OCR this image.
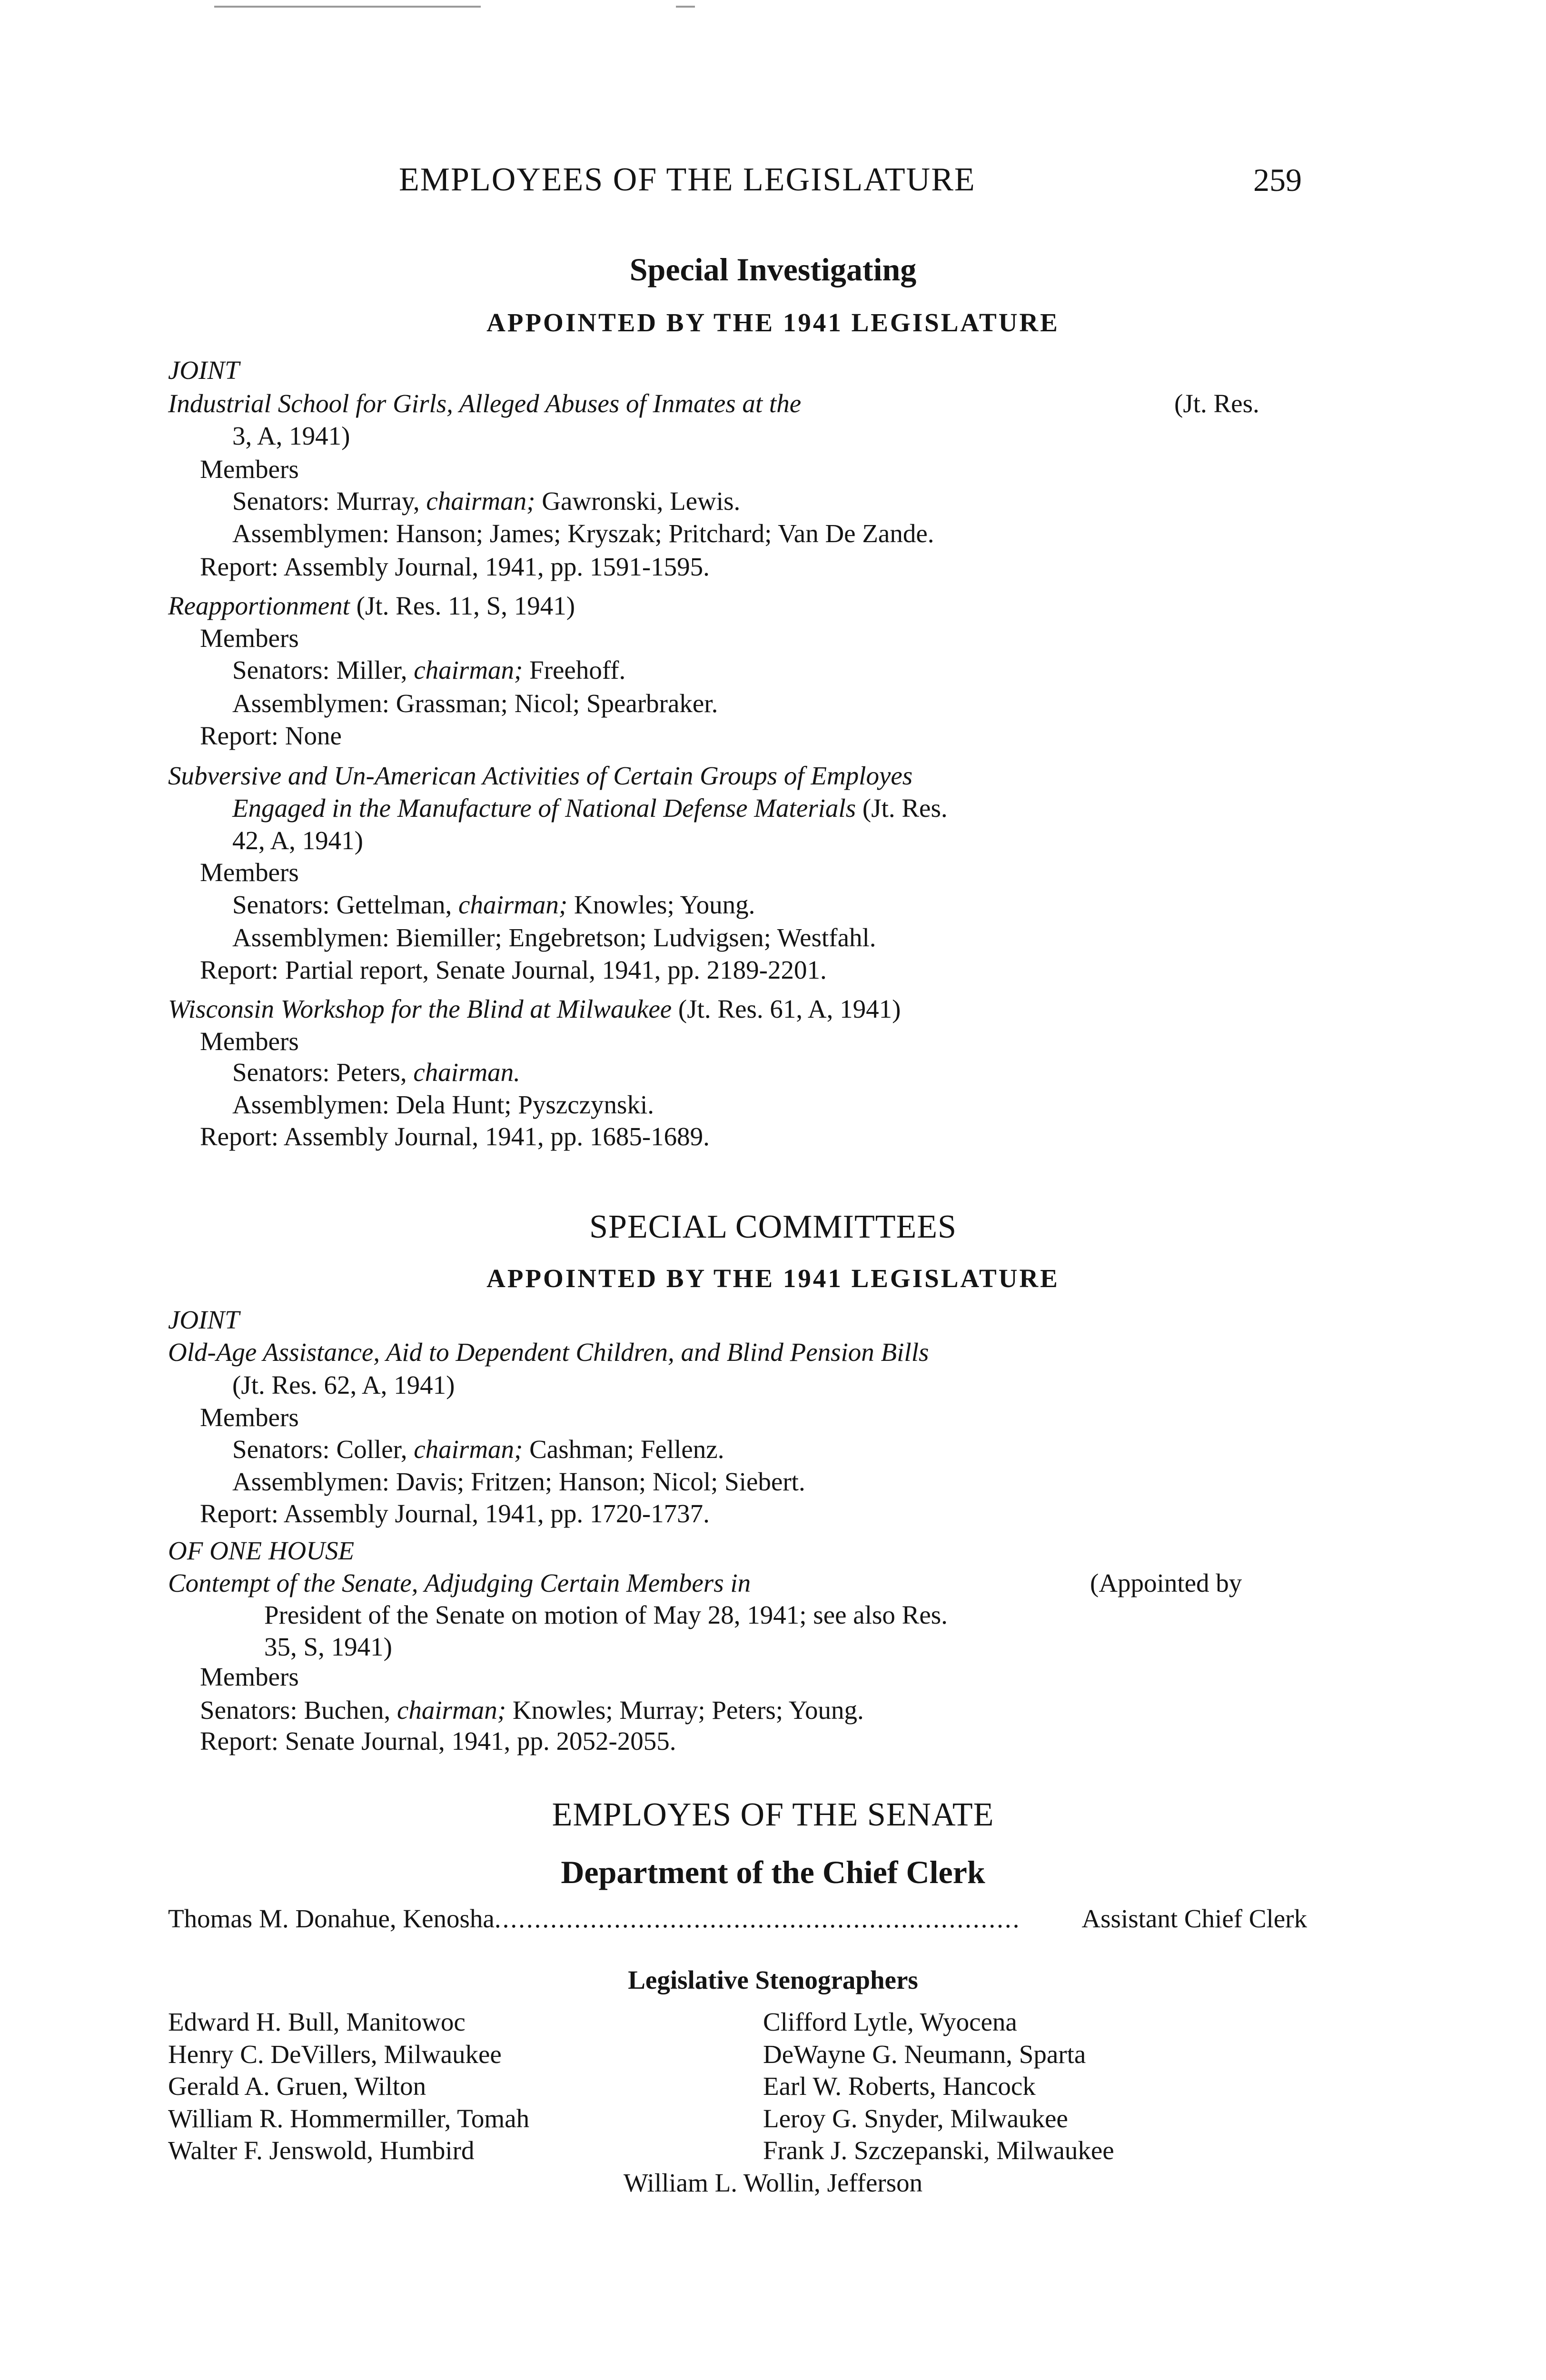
EMPLOYEES OF THE LEGISLATURE	259
Special Investigating
APPOINTED BY THE 1941 LEGISLATURE
JOINT
Industrial School for Girls, Alleged Abuses of Inmates at the	(Jt. Res.
3, A, 1941)
Members
Senators: Murray, chairman; Gawronski, Lewis.
Assemblymen: Hanson; James; Kryszak; Pritchard; Van De Zande.
Report: Assembly Journal, 1941, pp. 1591-1595.
Reapportionment (Jt. Res. 11, S, 1941)
Members
Senators: Miller, chairman; Freehoff.
Assemblymen: Grassman; Nicol; Spearbraker.
Report: None
Subversive and Un-American Activities of Certain Groups of Employes
Engaged in the Manufacture of National Defense Materials (Jt. Res.
42, A, 1941)
Members
Senators: Gettelman, chairman; Knowles; Young.
Assemblymen: Biemiller; Engebretson; Ludvigsen; Westfahl.
Report: Partial report, Senate Journal, 1941, pp. 2189-2201.
Wisconsin Workshop for the Blind at Milwaukee (Jt. Res. 61, A, 1941)
Members
Senators: Peters, chairman.
Assemblymen: Dela Hunt; Pyszczynski.
Report: Assembly Journal, 1941, pp. 1685-1689.
SPECIAL COMMITTEES
APPOINTED BY THE 1941 LEGISLATURE
JOINT
Old-Age Assistance, Aid to Dependent Children, and Blind Pension Bills
(Jt. Res. 62, A, 1941)
Members
Senators: Coller, chairman; Cashman; Fellenz.
Assemblymen: Davis; Fritzen; Hanson; Nicol; Siebert.
Report: Assembly Journal, 1941, pp. 1720-1737.
OF ONE HOUSE
Contempt of the Senate, Adjudging Certain Members in	(Appointed by
President of the Senate on motion of May 28, 1941; see also Res.
35, S, 1941)
Members
Senators: Buchen, chairman; Knowles; Murray; Peters; Young.
Report: Senate Journal, 1941, pp. 2052-2055.
EMPLOYES OF THE SENATE
Department of the Chief Clerk
Thomas M. Donahue, Kenosha ..................................................................	Assistant Chief Clerk
Legislative Stenographers
Edward H. Bull, Manitowoc	Clifford Lytle, Wyocena
Henry C. DeVillers, Milwaukee	DeWayne G. Neumann, Sparta
Gerald A. Gruen, Wilton	Earl W. Roberts, Hancock
William R. Hommermiller, Tomah	Leroy G. Snyder, Milwaukee
Walter F. Jenswold, Humbird	Frank J. Szczepanski, Milwaukee
William L. Wollin, Jefferson
